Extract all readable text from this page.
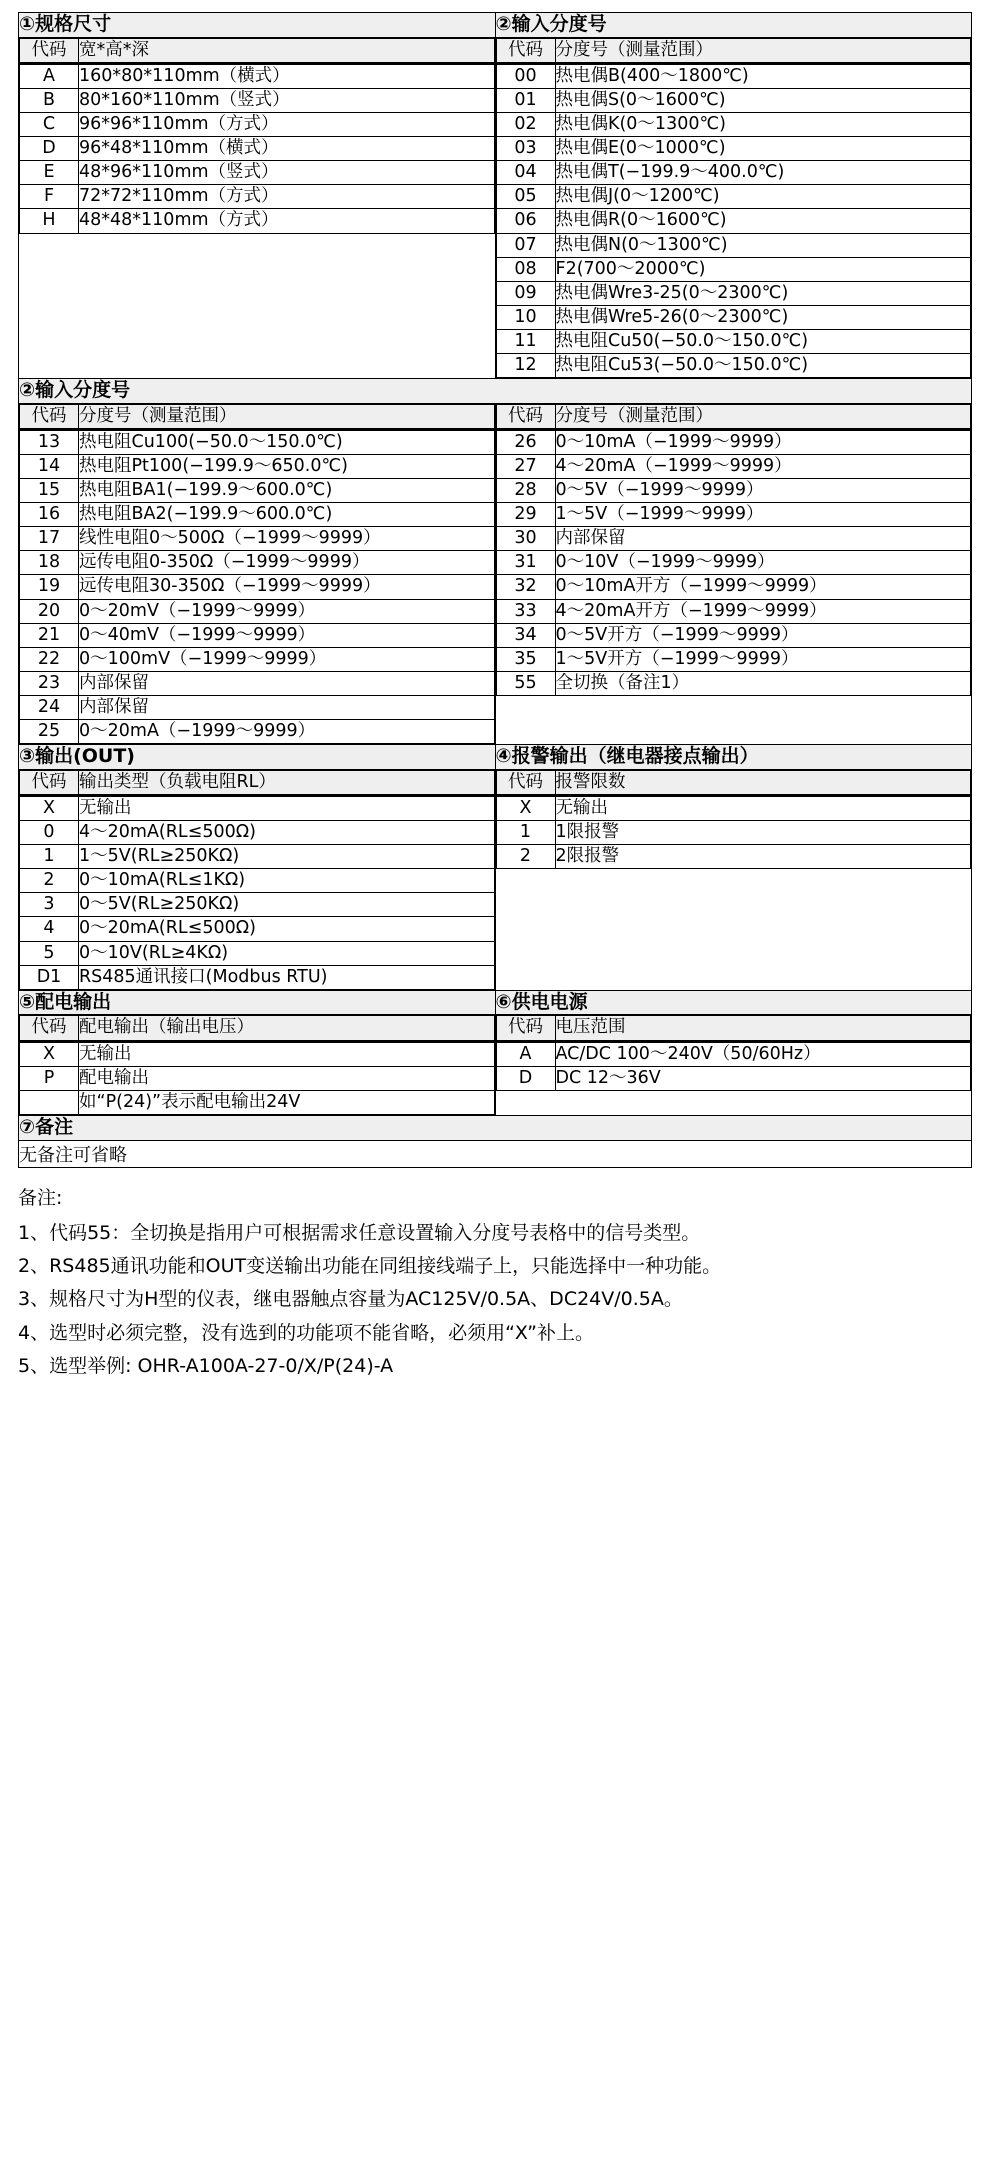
①规格尺寸	②输入分度号

代码	宽*高*深
		代码	分度号（测量范围）

A	160*80*110mm（横式）
B	80*160*110mm（竖式）
C	96*96*110mm（方式）
D	96*48*110mm（横式）
E	48*96*110mm（竖式）
F	72*72*110mm（方式）
H	48*48*110mm（方式）

00	热电偶B(400〜1800℃)
01	热电偶S(0〜1600℃)
02	热电偶K(0〜1300℃)
03	热电偶E(0〜1000℃)
04	热电偶T(−199.9〜400.0℃)
05	热电偶J(0〜1200℃)
06	热电偶R(0〜1600℃)
07	热电偶N(0〜1300℃)
08	F2(700〜2000℃)
09	热电偶Wre3-25(0〜2300℃)
10	热电偶Wre5-26(0〜2300℃)
11	热电阻Cu50(−50.0〜150.0℃)
12	热电阻Cu53(−50.0〜150.0℃)

②输入分度号

代码	分度号（测量范围）
		代码	分度号（测量范围）

13	热电阻Cu100(−50.0〜150.0℃)
14	热电阻Pt100(−199.9〜650.0℃)
15	热电阻BA1(−199.9〜600.0℃)
16	热电阻BA2(−199.9〜600.0℃)
17	线性电阻0〜500Ω（−1999〜9999）
18	远传电阻0-350Ω（−1999〜9999）
19	远传电阻30-350Ω（−1999〜9999）
20	0〜20mV（−1999〜9999）
21	0〜40mV（−1999〜9999）
22	0〜100mV（−1999〜9999）
23	内部保留
24	内部保留
25	0〜20mA（−1999〜9999）

26	0〜10mA（−1999〜9999）
27	4〜20mA（−1999〜9999）
28	0〜5V（−1999〜9999）
29	1〜5V（−1999〜9999）
30	内部保留
31	0〜10V（−1999〜9999）
32	0〜10mA开方（−1999〜9999）
33	4〜20mA开方（−1999〜9999）
34	0〜5V开方（−1999〜9999）
35	1〜5V开方（−1999〜9999）
55	全切换（备注1）

③输出(OUT)	④报警输出（继电器接点输出）

代码	输出类型（负载电阻RL）
		代码	报警限数

X	无输出
0	4〜20mA(RL≤500Ω)
1	1〜5V(RL≥250KΩ)
2	0〜10mA(RL≤1KΩ)
3	0〜5V(RL≥250KΩ)
4	0〜20mA(RL≤500Ω)
5	0〜10V(RL≥4KΩ)
D1	RS485通讯接口(Modbus RTU)

X	无输出
1	1限报警
2	2限报警

⑤配电输出	⑥供电电源

代码	配电输出（输出电压）
		代码	电压范围

X	无输出
P	配电输出
	如“P(24)”表示配电输出24V

A	AC/DC 100〜240V（50/60Hz）
D	DC 12〜36V

⑦备注
无备注可省略
备注:
1、代码55：全切换是指用户可根据需求任意设置输入分度号表格中的信号类型。
2、RS485通讯功能和OUT变送输出功能在同组接线端子上，只能选择中一种功能。
3、规格尺寸为H型的仪表，继电器触点容量为AC125V/0.5A、DC24V/0.5A。
4、选型时必须完整，没有选到的功能项不能省略，必须用“X”补上。
5、选型举例: OHR-A100A-27-0/X/P(24)-A
